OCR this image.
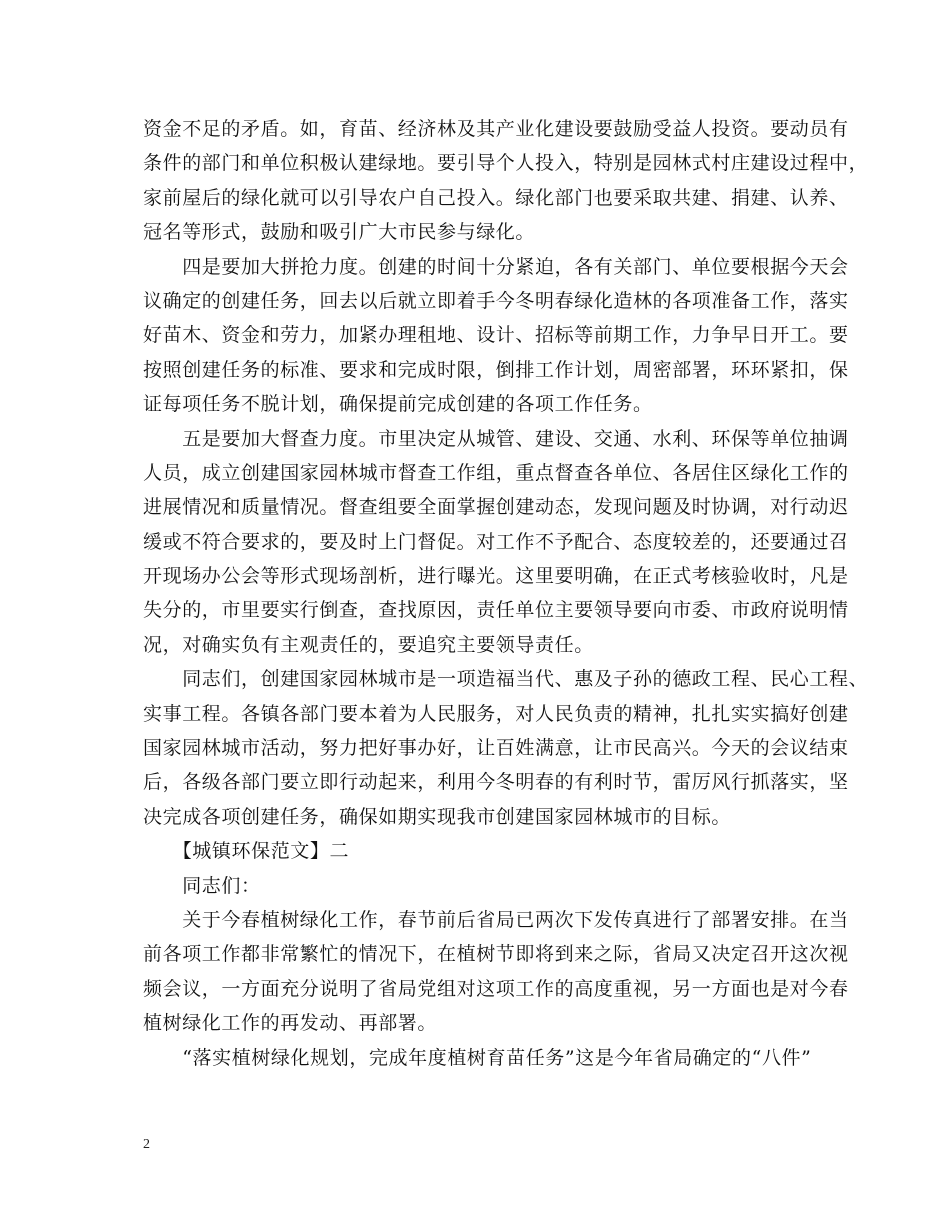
资金不足的矛盾。如，育苗、经济林及其产业化建设要鼓励受益人投资。要动员有
条件的部门和单位积极认建绿地。要引导个人投入，特别是园林式村庄建设过程中，
家前屋后的绿化就可以引导农户自己投入。绿化部门也要采取共建、捐建、认养、
冠名等形式，鼓励和吸引广大市民参与绿化。
　　四是要加大拼抢力度。创建的时间十分紧迫，各有关部门、单位要根据今天会
议确定的创建任务，回去以后就立即着手今冬明春绿化造林的各项准备工作，落实
好苗木、资金和劳力，加紧办理租地、设计、招标等前期工作，力争早日开工。要
按照创建任务的标准、要求和完成时限，倒排工作计划，周密部署，环环紧扣，保
证每项任务不脱计划，确保提前完成创建的各项工作任务。
　　五是要加大督查力度。市里决定从城管、建设、交通、水利、环保等单位抽调
人员，成立创建国家园林城市督查工作组，重点督查各单位、各居住区绿化工作的
进展情况和质量情况。督查组要全面掌握创建动态，发现问题及时协调，对行动迟
缓或不符合要求的，要及时上门督促。对工作不予配合、态度较差的，还要通过召
开现场办公会等形式现场剖析，进行曝光。这里要明确，在正式考核验收时，凡是
失分的，市里要实行倒查，查找原因，责任单位主要领导要向市委、市政府说明情
况，对确实负有主观责任的，要追究主要领导责任。
　　同志们，创建国家园林城市是一项造福当代、惠及子孙的德政工程、民心工程、
实事工程。各镇各部门要本着为人民服务，对人民负责的精神，扎扎实实搞好创建
国家园林城市活动，努力把好事办好，让百姓满意，让市民高兴。今天的会议结束
后，各级各部门要立即行动起来，利用今冬明春的有利时节，雷厉风行抓落实，坚
决完成各项创建任务，确保如期实现我市创建国家园林城市的目标。
　　【城镇环保范文】二
　　同志们：
　　关于今春植树绿化工作，春节前后省局已两次下发传真进行了部署安排。在当
前各项工作都非常繁忙的情况下，在植树节即将到来之际，省局又决定召开这次视
频会议，一方面充分说明了省局党组对这项工作的高度重视，另一方面也是对今春
植树绿化工作的再发动、再部署。
　　“落实植树绿化规划，完成年度植树育苗任务”这是今年省局确定的“八件”
2
